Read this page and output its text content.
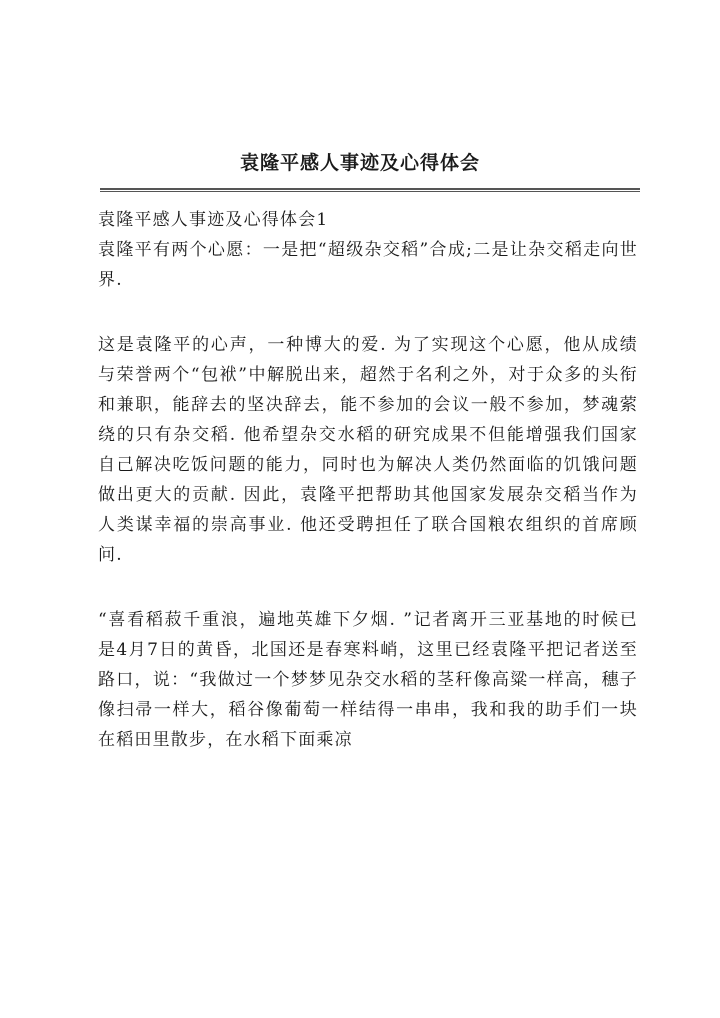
袁隆平感人事迹及心得体会

袁隆平感人事迹及心得体会1

袁隆平有两个心愿：一是把“超级杂交稻”合成;二是让杂交稻走向世界.

这是袁隆平的心声，一种博大的爱. 为了实现这个心愿，他从成绩与荣誉两个“包袱”中解脱出来，超然于名利之外，对于众多的头衔和兼职，能辞去的坚决辞去，能不参加的会议一般不参加，梦魂萦绕的只有杂交稻. 他希望杂交水稻的研究成果不但能增强我们国家自己解决吃饭问题的能力，同时也为解决人类仍然面临的饥饿问题做出更大的贡献. 因此，袁隆平把帮助其他国家发展杂交稻当作为人类谋幸福的崇高事业. 他还受聘担任了联合国粮农组织的首席顾问.

“喜看稻菽千重浪，遍地英雄下夕烟. ”记者离开三亚基地的时候已是4月7日的黄昏，北国还是春寒料峭，这里已经袁隆平把记者送至路口，说：“我做过一个梦梦见杂交水稻的茎秆像高粱一样高，穗子像扫帚一样大，稻谷像葡萄一样结得一串串，我和我的助手们一块在稻田里散步，在水稻下面乘凉
